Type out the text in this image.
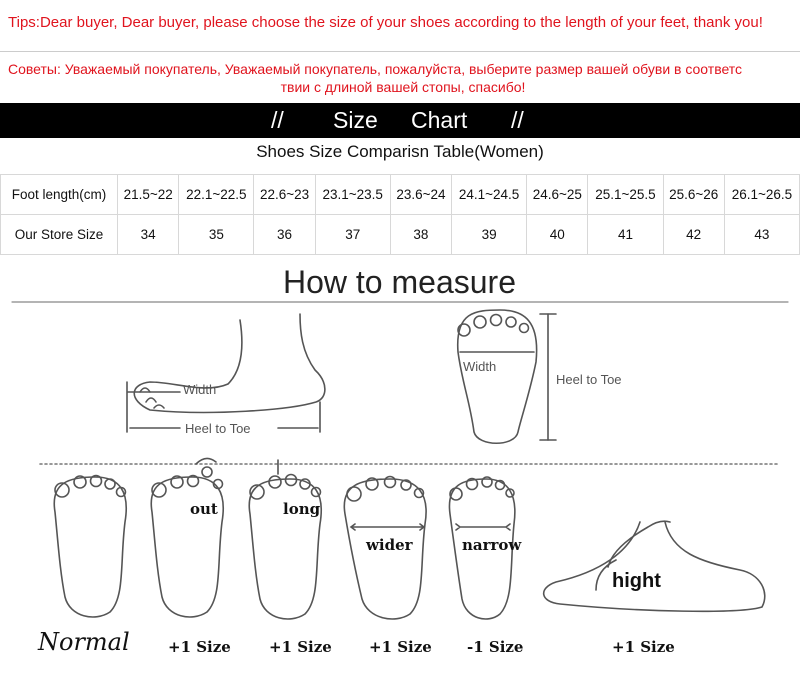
Tips:Dear buyer, Dear buyer, please choose the size of your shoes according to the length of your feet, thank you!
Советы: Уважаемый покупатель, Уважаемый покупатель, пожалуйста, выберите размер вашей обуви в соответс
твии с длиной вашей стопы, спасибо!
// Size Chart //
Shoes Size Comparisn Table(Women)
Foot length(cm)	21.5~22	22.1~22.5	22.6~23	23.1~23.5	23.6~24	24.1~24.5	24.6~25	25.1~25.5	25.6~26	26.1~26.5
Our Store Size	34	35	36	37	38	39	40	41	42	43
How to measure
Width
Heel to Toe
Width
Heel to Toe
out	long
wider	narrow
hight
Normal	+1 Size	+1 Size +1 Size -1 Size	+1 Size
